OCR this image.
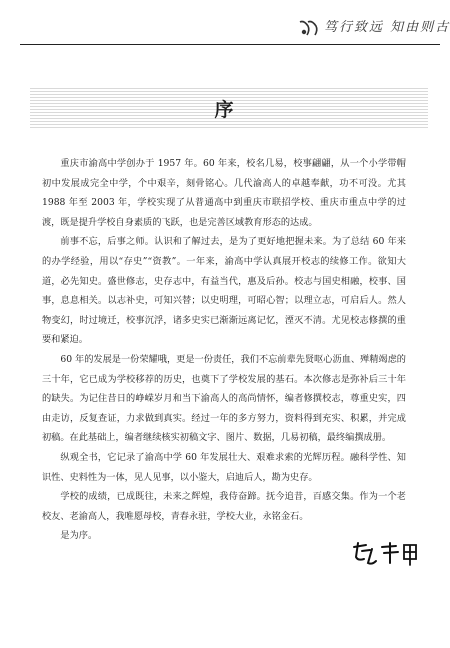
笃行致远 知由则古
序

重庆市渝高中学创办于 1957 年。60 年来，校名几易，校事翩翩，从一个小学带帽初中发展成完全中学，个中艰辛，刻骨铭心。几代渝高人的卓越奉献，功不可没。尤其 1988 年至 2003 年，学校实现了从普通高中到重庆市联招学校、重庆市重点中学的过渡，既是提升学校自身素质的飞跃，也是完善区域教育形态的达成。

前事不忘，后事之师。认识和了解过去，是为了更好地把握未来。为了总结 60 年来的办学经验，用以“存史”“资教”。一年来，渝高中学认真展开校志的续修工作。欲知大道，必先知史。盛世修志，史存志中，有益当代，惠及后孙。校志与国史相融，校事、国事，息息相关。以志补史，可知兴替；以史明理，可昭心智；以理立志，可启后人。然人物变幻，时过境迁，校事沉浮，诸多史实已渐渐远离记忆，湮灭不清。尤见校志修撰的重要和紧迫。

60 年的发展是一份荣耀哦，更是一份责任，我们不忘前辈先贤呕心沥血、殚精竭虑的三十年，它已成为学校移荐的历史，也奠下了学校发展的基石。本次修志是弥补后三十年的缺失。为记住昔日的峥嵘岁月和当下渝高人的高尚情怀，编者修撰校志，尊重史实，四由走访，反复查证，力求做到真实。经过一年的多方努力，资料得到充实、积累，并完成初稿。在此基础上，编者继续核实初稿文字、图片、数据，几易初稿，最终编撰成册。

纵观全书，它记录了渝高中学 60 年发展壮大、艰难求索的光辉历程。融科学性、知识性、史料性为一体，见人见事，以小鉴大，启迪后人，勘为史存。

学校的成绩，已成既往，未来之辉煌，我侍奋蹄。抚今追昔，百感交集。作为一个老校友、老渝高人，我唯愿母校，青春永驻，学校大业，永铭金石。

是为序。
